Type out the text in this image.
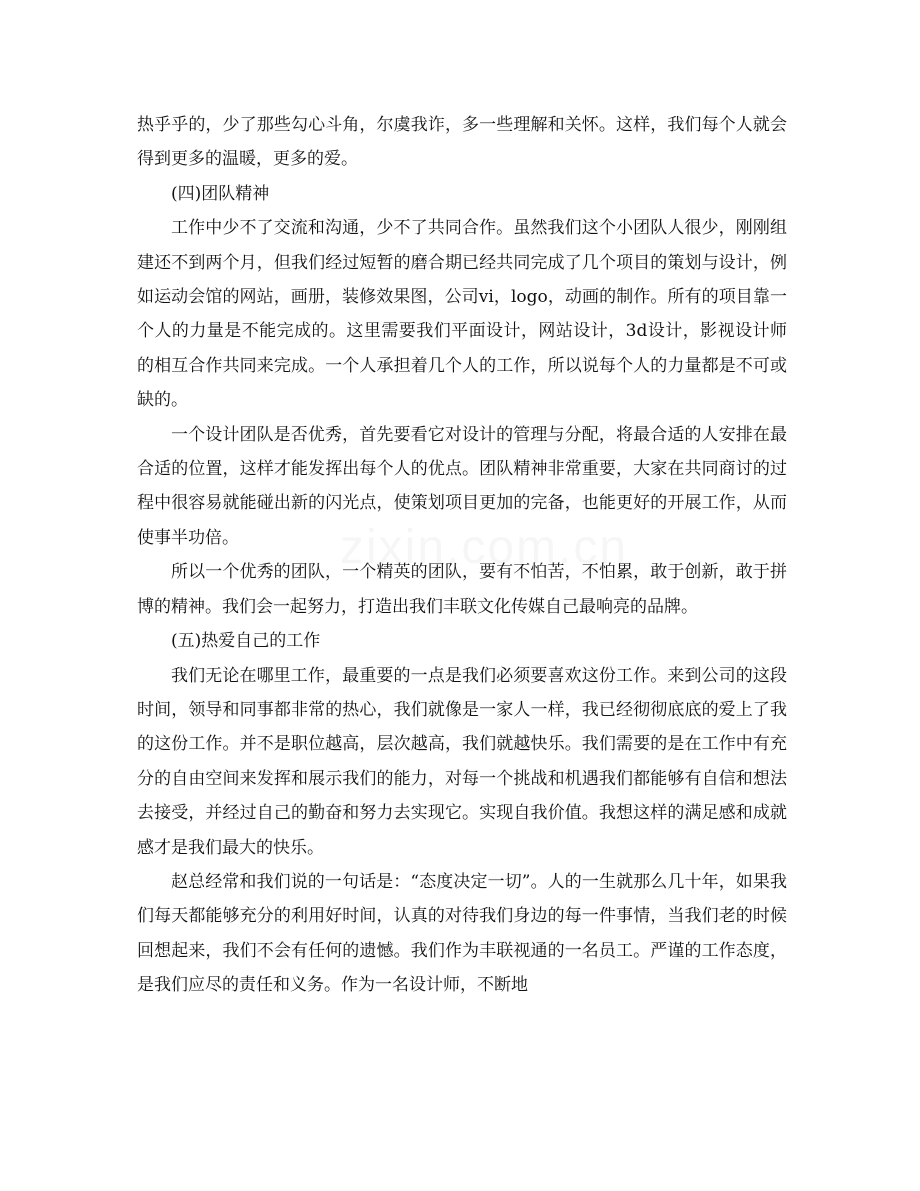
热乎乎的，少了那些勾心斗角，尔虞我诈，多一些理解和关怀。这样，我们每个人就会得到更多的温暖，更多的爱。

(四)团队精神

工作中少不了交流和沟通，少不了共同合作。虽然我们这个小团队人很少，刚刚组建还不到两个月，但我们经过短暂的磨合期已经共同完成了几个项目的策划与设计，例如运动会馆的网站，画册，装修效果图，公司vi，logo，动画的制作。所有的项目靠一个人的力量是不能完成的。这里需要我们平面设计，网站设计，3d设计，影视设计师的相互合作共同来完成。一个人承担着几个人的工作，所以说每个人的力量都是不可或缺的。

一个设计团队是否优秀，首先要看它对设计的管理与分配，将最合适的人安排在最合适的位置，这样才能发挥出每个人的优点。团队精神非常重要，大家在共同商讨的过程中很容易就能碰出新的闪光点，使策划项目更加的完备，也能更好的开展工作，从而使事半功倍。

所以一个优秀的团队，一个精英的团队，要有不怕苦，不怕累，敢于创新，敢于拼博的精神。我们会一起努力，打造出我们丰联文化传媒自己最响亮的品牌。

(五)热爱自己的工作

我们无论在哪里工作，最重要的一点是我们必须要喜欢这份工作。来到公司的这段时间，领导和同事都非常的热心，我们就像是一家人一样，我已经彻彻底底的爱上了我的这份工作。并不是职位越高，层次越高，我们就越快乐。我们需要的是在工作中有充分的自由空间来发挥和展示我们的能力，对每一个挑战和机遇我们都能够有自信和想法去接受，并经过自己的勤奋和努力去实现它。实现自我价值。我想这样的满足感和成就感才是我们最大的快乐。

赵总经常和我们说的一句话是：“态度决定一切”。人的一生就那么几十年，如果我们每天都能够充分的利用好时间，认真的对待我们身边的每一件事情，当我们老的时候回想起来，我们不会有任何的遗憾。我们作为丰联视通的一名员工。严谨的工作态度，是我们应尽的责任和义务。作为一名设计师，不断地
